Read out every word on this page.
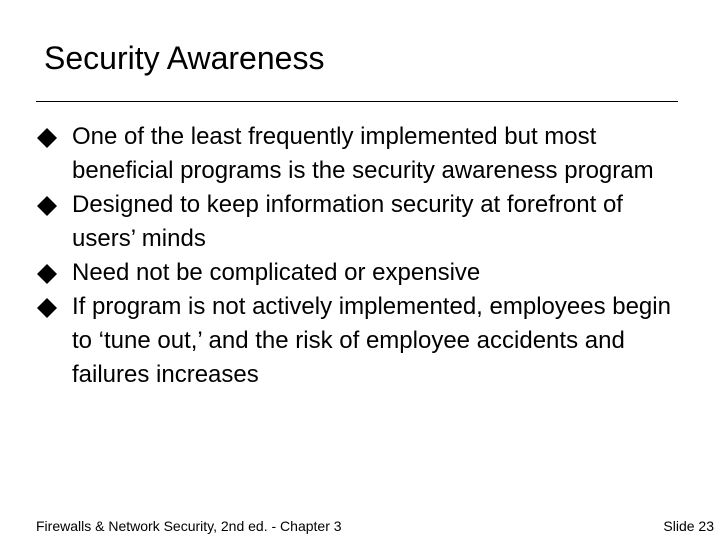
Security Awareness
One of the least frequently implemented but most beneficial programs is the security awareness program
Designed to keep information security at forefront of users’ minds
Need not be complicated or expensive
If program is not actively implemented, employees begin to ‘tune out,’ and the risk of employee accidents and failures increases
Firewalls & Network Security, 2nd ed. - Chapter 3	Slide 23
